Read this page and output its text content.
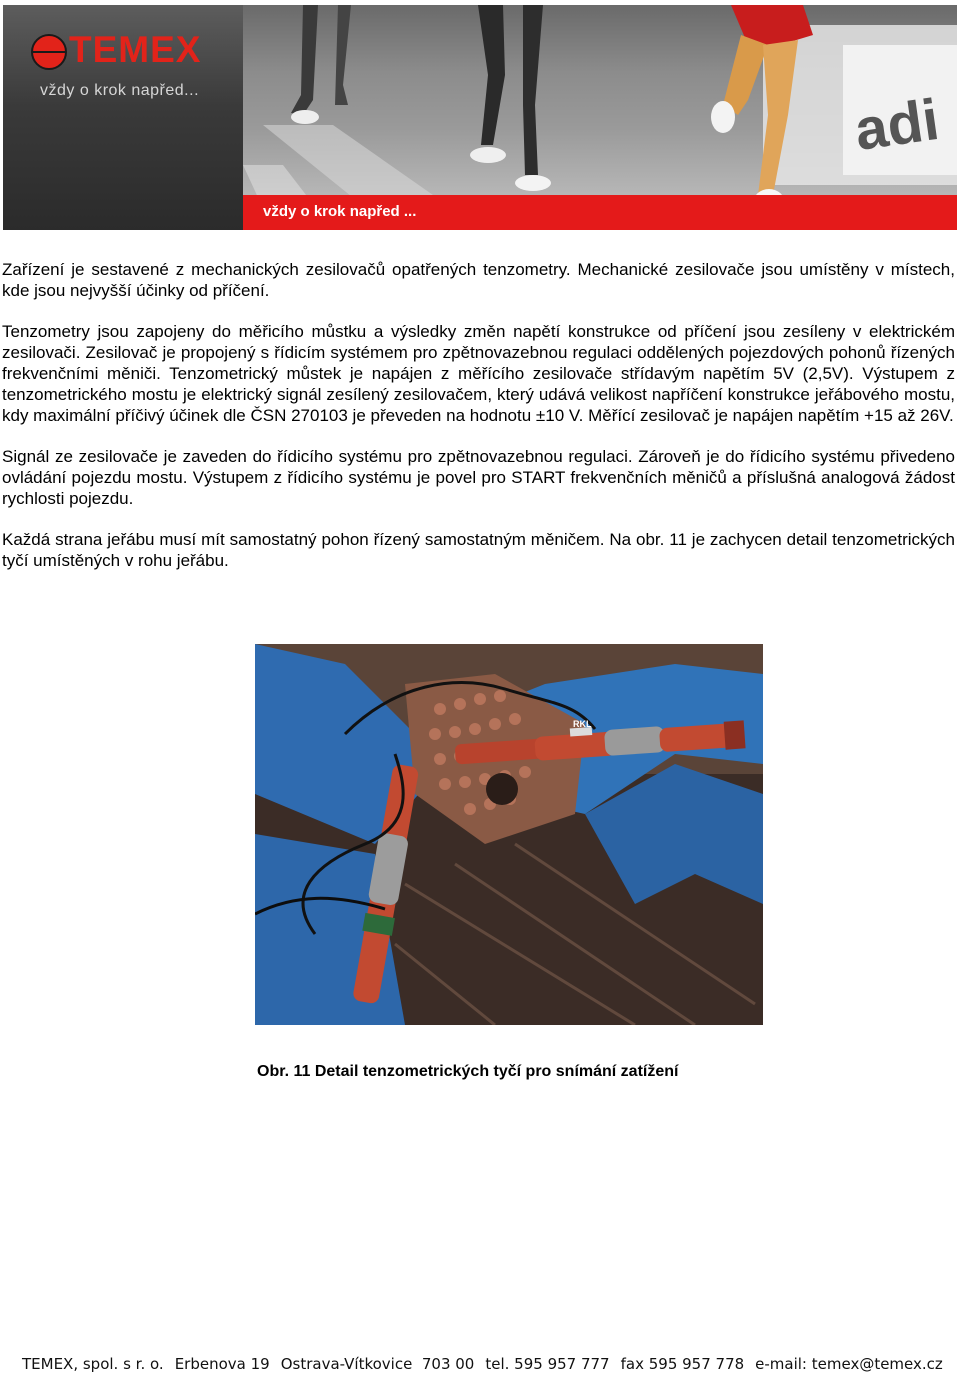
TEMEX
vždy o krok napřed...	adi
vždy o krok napřed ...

Zařízení je sestavené z mechanických zesilovačů opatřených tenzometry. Mechanické zesilovače jsou umístěny v místech, kde jsou nejvyšší účinky od příčení.

Tenzometry jsou zapojeny do měřicího můstku a výsledky změn napětí konstrukce od příčení jsou zesíleny v elektrickém zesilovači. Zesilovač je propojený s řídicím systémem pro zpětnovazebnou regulaci oddělených pojezdových pohonů řízených frekvenčními měniči. Tenzometrický můstek je napájen z měřícího zesilovače střídavým napětím 5V (2,5V). Výstupem z tenzometrického mostu je elektrický signál zesílený zesilovačem, který udává velikost napříčení konstrukce jeřábového mostu, kdy maximální příčivý účinek dle ČSN 270103 je převeden na hodnotu ±10 V. Měřící zesilovač je napájen napětím +15 až 26V.

Signál ze zesilovače je zaveden do řídicího systému pro zpětnovazebnou regulaci. Zároveň je do řídicího systému přivedeno ovládání pojezdu mostu. Výstupem z řídicího systému je povel pro START frekvenčních měničů a příslušná analogová žádost rychlosti pojezdu.

Každá strana jeřábu musí mít samostatný pohon řízený samostatným měničem. Na obr. 11 je zachycen detail tenzometrických tyčí umístěných v rohu jeřábu.

RKL
Obr. 11 Detail tenzometrických tyčí pro snímání zatížení
TEMEX, spol. s r. o. Erbenova 19 Ostrava-Vítkovice  703 00 tel. 595 957 777 fax 595 957 778 e-mail: temex@temex.cz
